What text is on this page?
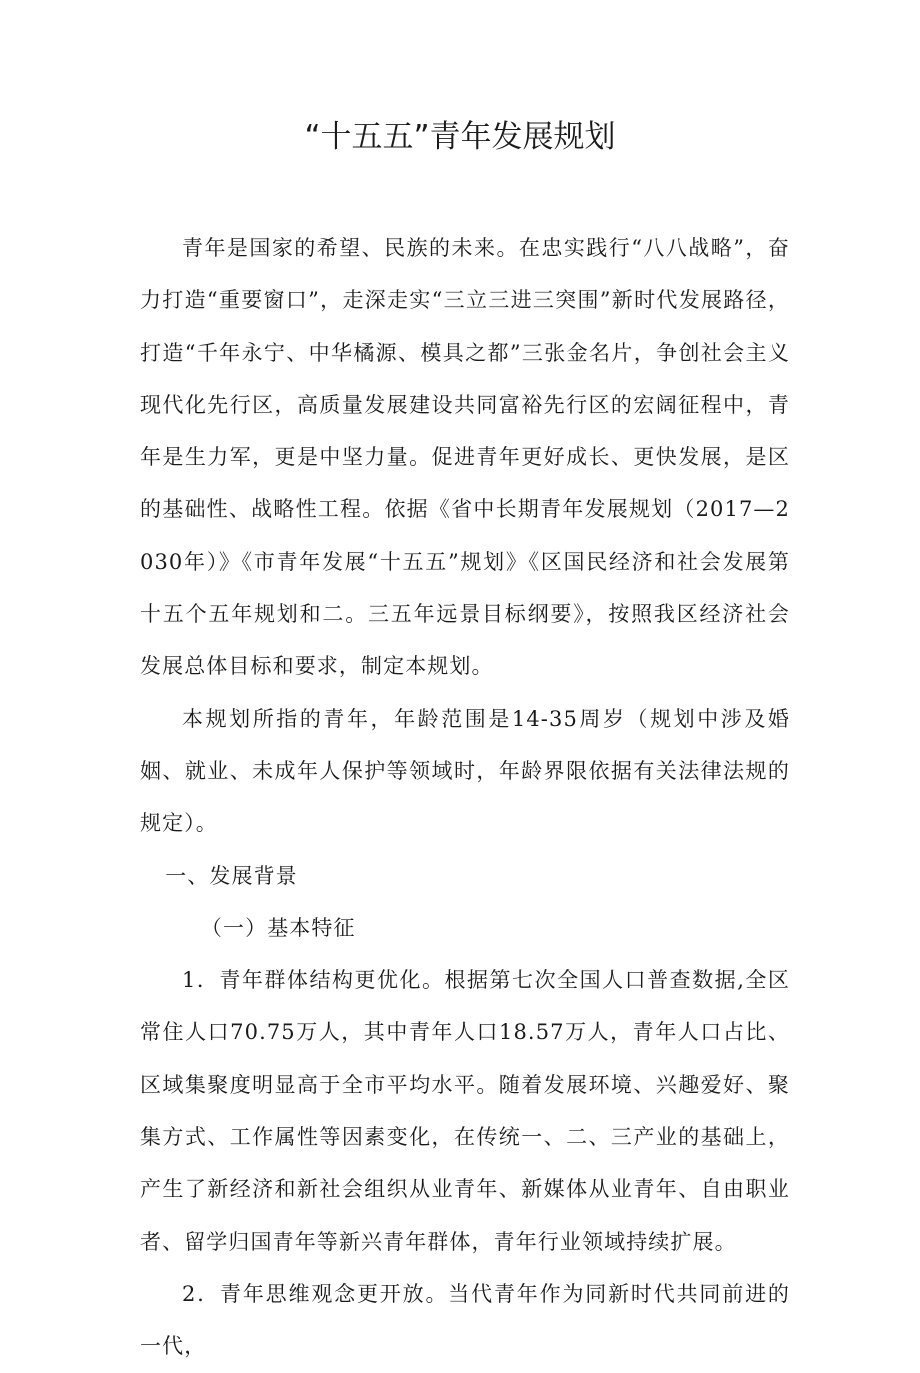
“十五五”青年发展规划

青年是国家的希望、民族的未来。在忠实践行“八八战略”，奋力打造“重要窗口”，走深走实“三立三进三突围”新时代发展路径，打造“千年永宁、中华橘源、模具之都”三张金名片，争创社会主义现代化先行区，高质量发展建设共同富裕先行区的宏阔征程中，青年是生力军，更是中坚力量。促进青年更好成长、更快发展，是区的基础性、战略性工程。依据《省中长期青年发展规划（2017—2030年）》《市青年发展“十五五”规划》《区国民经济和社会发展第十五个五年规划和二。三五年远景目标纲要》，按照我区经济社会发展总体目标和要求，制定本规划。

本规划所指的青年，年龄范围是14-35周岁（规划中涉及婚姻、就业、未成年人保护等领域时，年龄界限依据有关法律法规的规定）。

一、发展背景

（一）基本特征

1．青年群体结构更优化。根据第七次全国人口普查数据,全区常住人口70.75万人，其中青年人口18.57万人，青年人口占比、区域集聚度明显高于全市平均水平。随着发展环境、兴趣爱好、聚集方式、工作属性等因素变化，在传统一、二、三产业的基础上，产生了新经济和新社会组织从业青年、新媒体从业青年、自由职业者、留学归国青年等新兴青年群体，青年行业领域持续扩展。

2．青年思维观念更开放。当代青年作为同新时代共同前进的一代，
